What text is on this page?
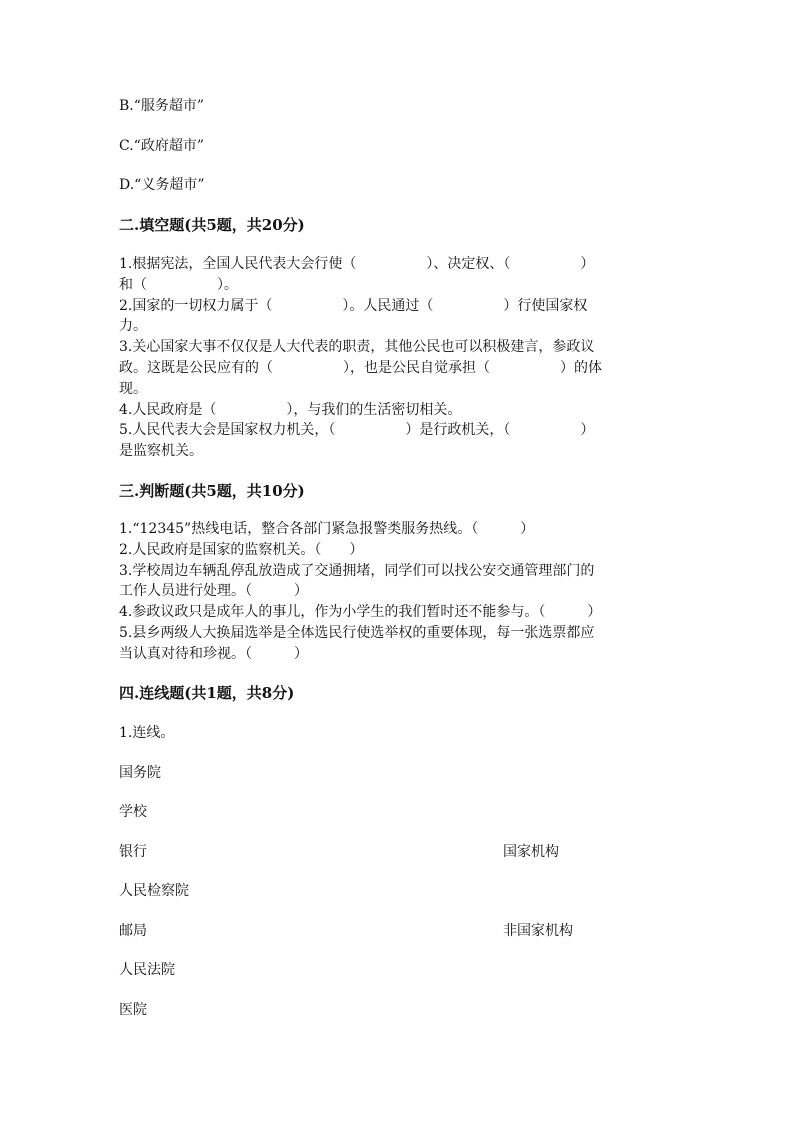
B.“服务超市”
C.“政府超市”
D.“义务超市”
二.填空题(共5题，共20分)

1.根据宪法，全国人民代表大会行使（　　　　　）、决定权、（　　　　　）

和（　　　　　）。

2.国家的一切权力属于（　　　　　）。人民通过（　　　　　）行使国家权

力。

3.关心国家大事不仅仅是人大代表的职责，其他公民也可以积极建言，参政议

政。这既是公民应有的（　　　　　），也是公民自觉承担（　　　　　）的体

现。

4.人民政府是（　　　　　），与我们的生活密切相关。

5.人民代表大会是国家权力机关，（　　　　　）是行政机关，（　　　　　）

是监察机关。

三.判断题(共5题，共10分)

1.“12345”热线电话，整合各部门紧急报警类服务热线。（　　　）

2.人民政府是国家的监察机关。（　　）

3.学校周边车辆乱停乱放造成了交通拥堵，同学们可以找公安交通管理部门的

工作人员进行处理。（　　　）

4.参政议政只是成年人的事儿，作为小学生的我们暂时还不能参与。（　　　）

5.县乡两级人大换届选举是全体选民行使选举权的重要体现，每一张选票都应

当认真对待和珍视。（　　　）

四.连线题(共1题，共8分)
1.连线。
国务院
学校
银行
人民检察院
邮局
人民法院
医院
国家机构
非国家机构
